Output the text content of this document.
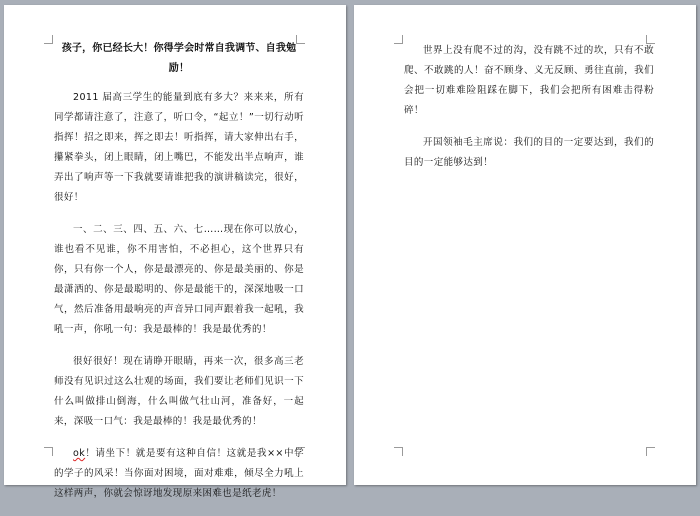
孩子，你已经长大！你得学会时常自我调节、自我勉励！

2011 届高三学生的能量到底有多大？来来来，所有同学都请注意了，注意了，听口令，“起立！”一切行动听指挥！招之即来，挥之即去！听指挥，请大家伸出右手，攥紧拳头，闭上眼睛，闭上嘴巴，不能发出半点响声，谁弄出了响声等一下我就要请谁把我的演讲稿读完，很好，很好！

一、二、三、四、五、六、七……现在你可以放心，谁也看不见谁，你不用害怕，不必担心，这个世界只有你，只有你一个人，你是最漂亮的、你是最美丽的、你是最潇洒的、你是最聪明的、你是最能干的，深深地吸一口气，然后准备用最响亮的声音异口同声跟着我一起吼，我吼一声，你吼一句：我是最棒的！我是最优秀的！

很好很好！现在请睁开眼睛，再来一次，很多高三老师没有见识过这么壮观的场面，我们要让老师们见识一下什么叫做排山倒海，什么叫做气壮山河，准备好，一起来，深吸一口气：我是最棒的！我是最优秀的！

ok！请坐下！就是要有这种自信！这就是我××中学的学子的风采！当你面对困境，面对难难，倾尽全力吼上这样两声，你就会惊讶地发现原来困难也是纸老虎！

世界上没有爬不过的沟，没有跳不过的坎，只有不敢爬、不敢跳的人！奋不顾身、义无反顾、勇往直前，我们会把一切难难险阻踩在脚下，我们会把所有困难击得粉碎！

开国领袖毛主席说：我们的目的一定要达到，我们的目的一定能够达到！
